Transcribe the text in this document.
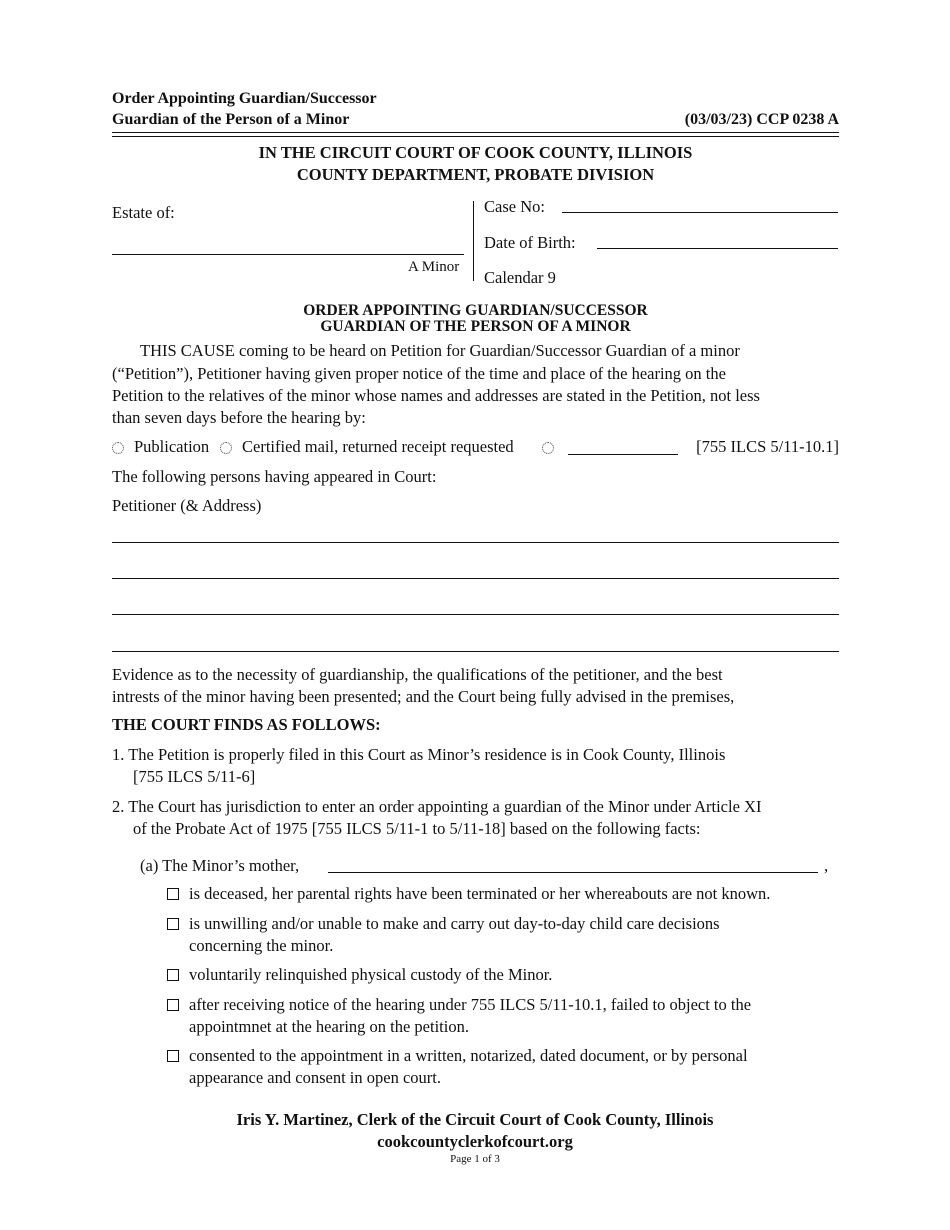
Order Appointing Guardian/Successor
Guardian of the Person of a Minor	(03/03/23) CCP 0238 A
IN THE CIRCUIT COURT OF COOK COUNTY, ILLINOIS
COUNTY DEPARTMENT, PROBATE DIVISION
Estate of:
A Minor
Case No:
Date of Birth:
Calendar 9
ORDER APPOINTING GUARDIAN/SUCCESSOR
GUARDIAN OF THE PERSON OF A MINOR
THIS CAUSE coming to be heard on Petition for Guardian/Successor Guardian of a minor
(“Petition”), Petitioner having given proper notice of the time and place of the hearing on the
Petition to the relatives of the minor whose names and addresses are stated in the Petition, not less
than seven days before the hearing by:
Publication Certified mail, returned receipt requested	[755 ILCS 5/11-10.1]
The following persons having appeared in Court:
Petitioner (& Address)
Evidence as to the necessity of guardianship, the qualifications of the petitioner, and the best
intrests of the minor having been presented; and the Court being fully advised in the premises,
THE COURT FINDS AS FOLLOWS:
1. The Petition is properly filed in this Court as Minor’s residence is in Cook County, Illinois
[755 ILCS 5/11-6]
2. The Court has jurisdiction to enter an order appointing a guardian of the Minor under Article XI
of the Probate Act of 1975 [755 ILCS 5/11-1 to 5/11-18] based on the following facts:
(a) The Minor’s mother,	,
is deceased, her parental rights have been terminated or her whereabouts are not known.
is unwilling and/or unable to make and carry out day-to-day child care decisions
concerning the minor.
voluntarily relinquished physical custody of the Minor.
after receiving notice of the hearing under 755 ILCS 5/11-10.1, failed to object to the
appointmnet at the hearing on the petition.
consented to the appointment in a written, notarized, dated document, or by personal
appearance and consent in open court.
Iris Y. Martinez, Clerk of the Circuit Court of Cook County, Illinois
cookcountyclerkofcourt.org
Page 1 of 3
